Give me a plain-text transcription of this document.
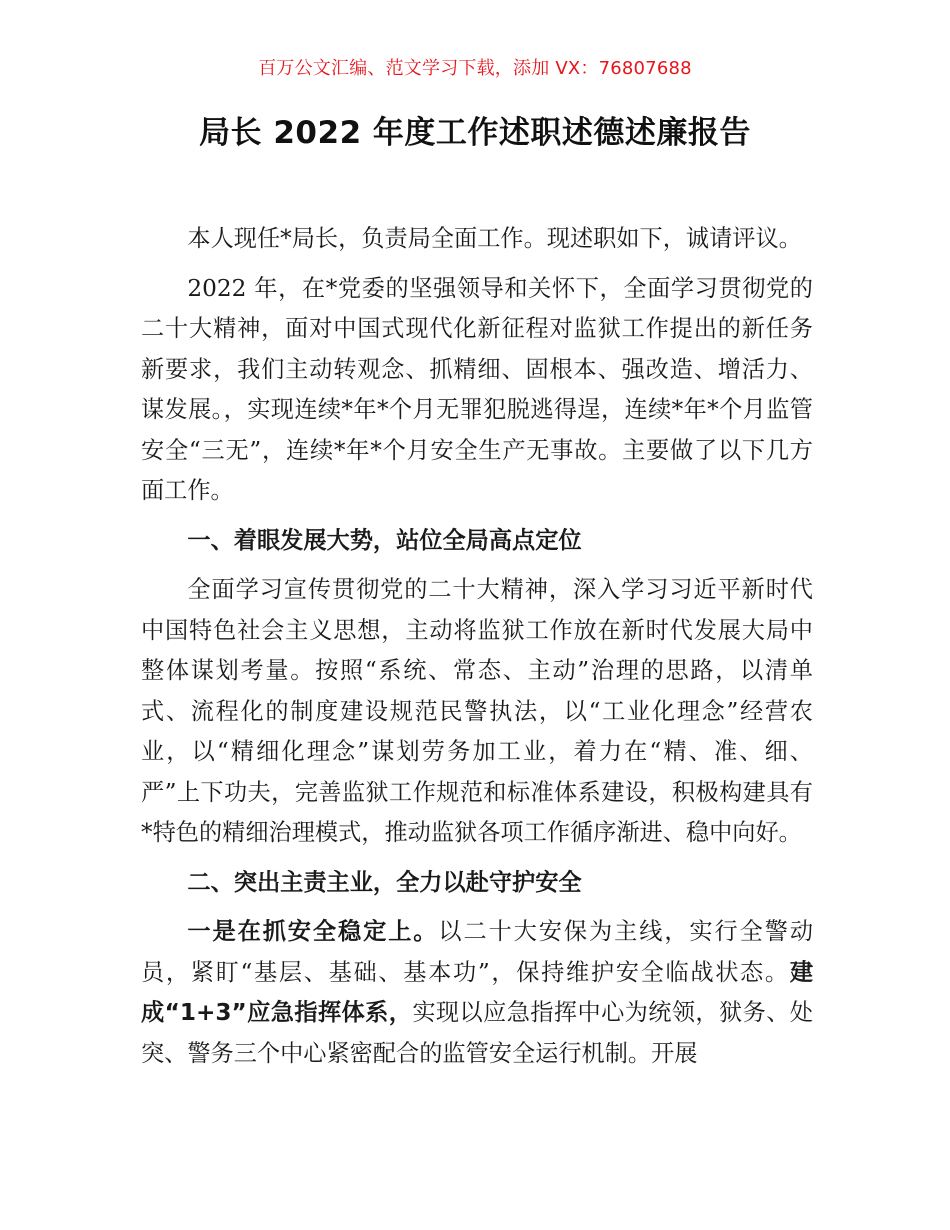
百万公文汇编、范文学习下载，添加 VX：76807688
局长 2022 年度工作述职述德述廉报告

本人现任*局长，负责局全面工作。现述职如下，诚请评议。

2022 年，在*党委的坚强领导和关怀下，全面学习贯彻党的二十大精神，面对中国式现代化新征程对监狱工作提出的新任务新要求，我们主动转观念、抓精细、固根本、强改造、增活力、谋发展。，实现连续*年*个月无罪犯脱逃得逞，连续*年*个月监管安全“三无”，连续*年*个月安全生产无事故。主要做了以下几方面工作。

一、着眼发展大势，站位全局高点定位

全面学习宣传贯彻党的二十大精神，深入学习习近平新时代中国特色社会主义思想，主动将监狱工作放在新时代发展大局中整体谋划考量。按照“系统、常态、主动”治理的思路，以清单式、流程化的制度建设规范民警执法，以“工业化理念”经营农业，以“精细化理念”谋划劳务加工业，着力在“精、准、细、严”上下功夫，完善监狱工作规范和标准体系建设，积极构建具有*特色的精细治理模式，推动监狱各项工作循序渐进、稳中向好。

二、突出主责主业，全力以赴守护安全

一是在抓安全稳定上。以二十大安保为主线，实行全警动员，紧盯“基层、基础、基本功”，保持维护安全临战状态。建成“1+3”应急指挥体系，实现以应急指挥中心为统领，狱务、处突、警务三个中心紧密配合的监管安全运行机制。开展
